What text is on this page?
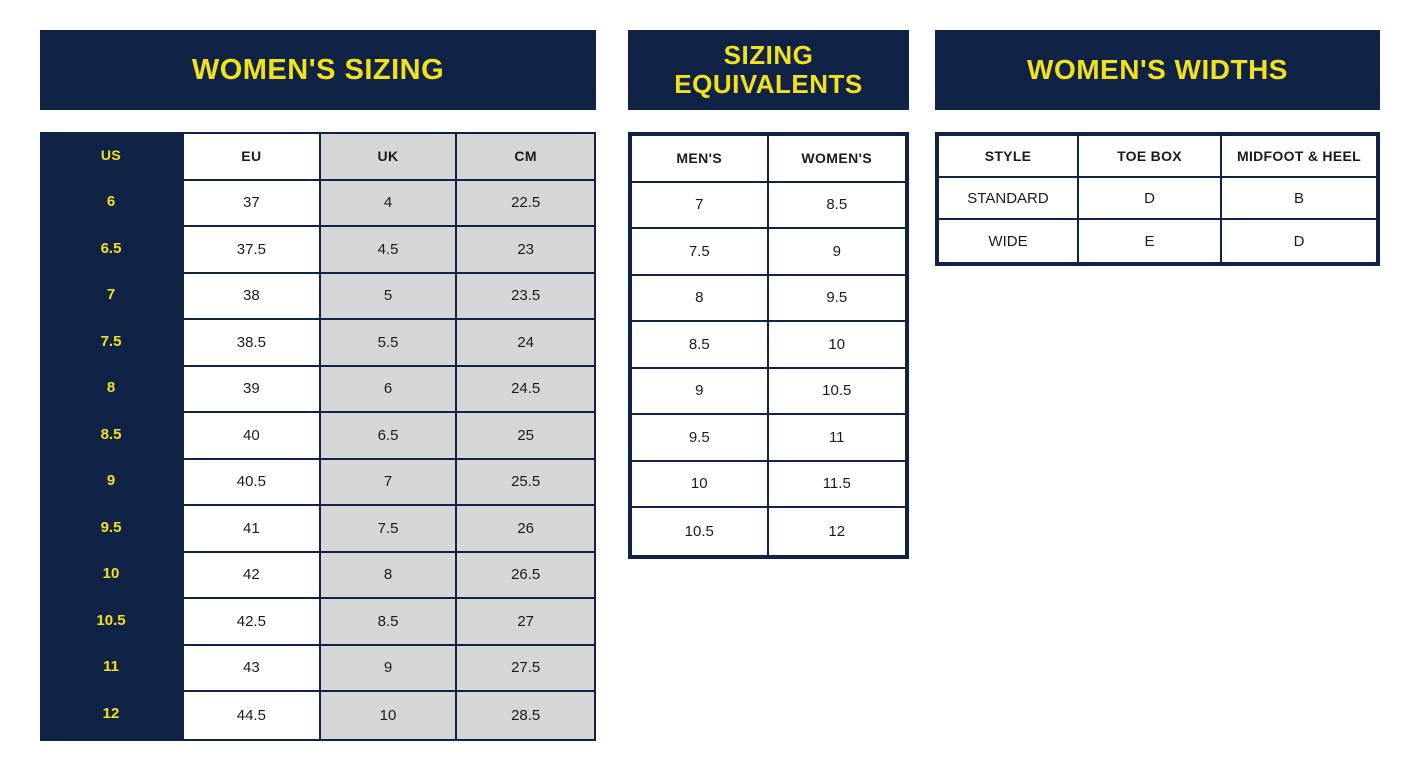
WOMEN'S SIZING
US
6
6.5
7
7.5
8
8.5
9
9.5
10
10.5
11
12
EU
37
37.5
38
38.5
39
40
40.5
41
42
42.5
43
44.5
UK
4
4.5
5
5.5
6
6.5
7
7.5
8
8.5
9
10
CM
22.5
23
23.5
24
24.5
25
25.5
26
26.5
27
27.5
28.5
SIZING
EQUIVALENTS
MEN'S
7
7.5
8
8.5
9
9.5
10
10.5
WOMEN'S
8.5
9
9.5
10
10.5
11
11.5
12
WOMEN'S WIDTHS
STYLE
STANDARD
WIDE
TOE BOX
D
E
MIDFOOT & HEEL
B
D
